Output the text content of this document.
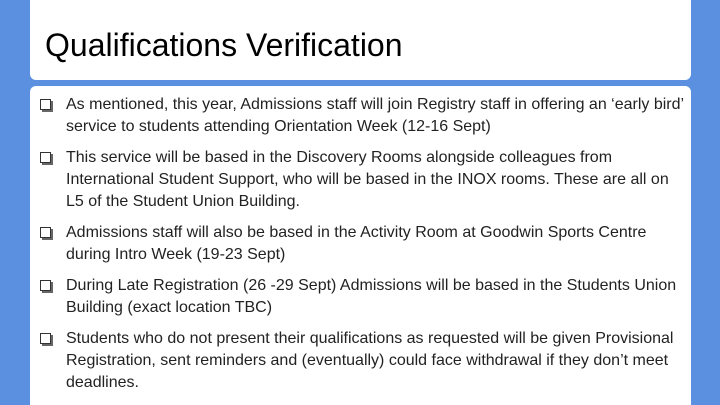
Qualifications Verification
As mentioned, this year, Admissions staff will join Registry staff in offering an ‘early bird’ service to students attending Orientation Week (12-16 Sept)
This service will be based in the Discovery Rooms alongside colleagues from International Student Support, who will be based in the INOX rooms. These are all on L5 of the Student Union Building.
Admissions staff will also be based in the Activity Room at Goodwin Sports Centre during Intro Week (19-23 Sept)
During Late Registration (26 -29 Sept) Admissions will be based in the Students Union Building (exact location TBC)
Students who do not present their qualifications as requested will be given Provisional Registration, sent reminders and (eventually) could face withdrawal if they don’t meet deadlines.
